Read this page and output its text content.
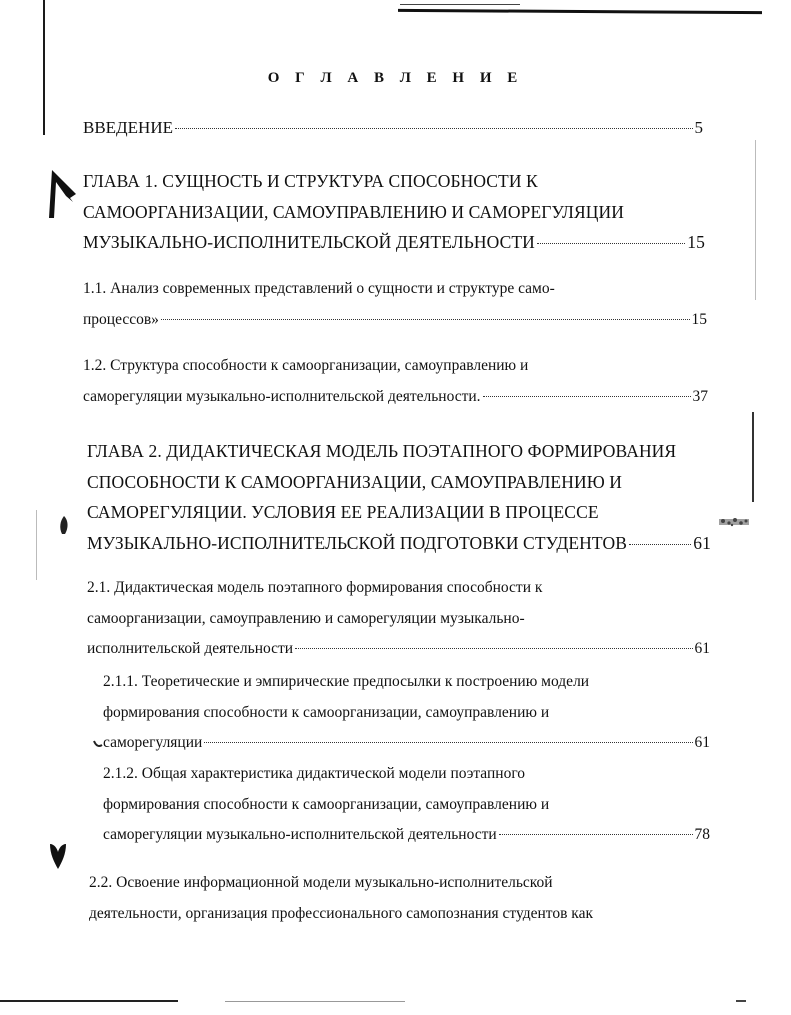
О Г Л А В Л Е Н И Е
ВВЕДЕНИЕ	5
ГЛАВА 1. СУЩНОСТЬ И СТРУКТУРА СПОСОБНОСТИ К
САМООРГАНИЗАЦИИ, САМОУПРАВЛЕНИЮ И САМОРЕГУЛЯЦИИ
МУЗЫКАЛЬНО-ИСПОЛНИТЕЛЬСКОЙ ДЕЯТЕЛЬНОСТИ	15
1.1. Анализ современных представлений о сущности и структуре само-
процессов»	15
1.2. Структура способности к самоорганизации, самоуправлению и
саморегуляции музыкально-исполнительской деятельности.	37
ГЛАВА 2. ДИДАКТИЧЕСКАЯ МОДЕЛЬ ПОЭТАПНОГО ФОРМИРОВАНИЯ
СПОСОБНОСТИ К САМООРГАНИЗАЦИИ, САМОУПРАВЛЕНИЮ И
САМОРЕГУЛЯЦИИ. УСЛОВИЯ ЕЕ РЕАЛИЗАЦИИ В ПРОЦЕССЕ
МУЗЫКАЛЬНО-ИСПОЛНИТЕЛЬСКОЙ ПОДГОТОВКИ СТУДЕНТОВ	61
2.1. Дидактическая модель поэтапного формирования способности к
самоорганизации, самоуправлению и саморегуляции музыкально-
исполнительской деятельности	61
2.1.1. Теоретические и эмпирические предпосылки к построению модели
формирования способности к самоорганизации, самоуправлению и
саморегуляции	61
2.1.2. Общая характеристика дидактической модели поэтапного
формирования способности к самоорганизации, самоуправлению и
саморегуляции музыкально-исполнительской деятельности	78
2.2. Освоение информационной модели музыкально-исполнительской
деятельности, организация профессионального самопознания студентов как
